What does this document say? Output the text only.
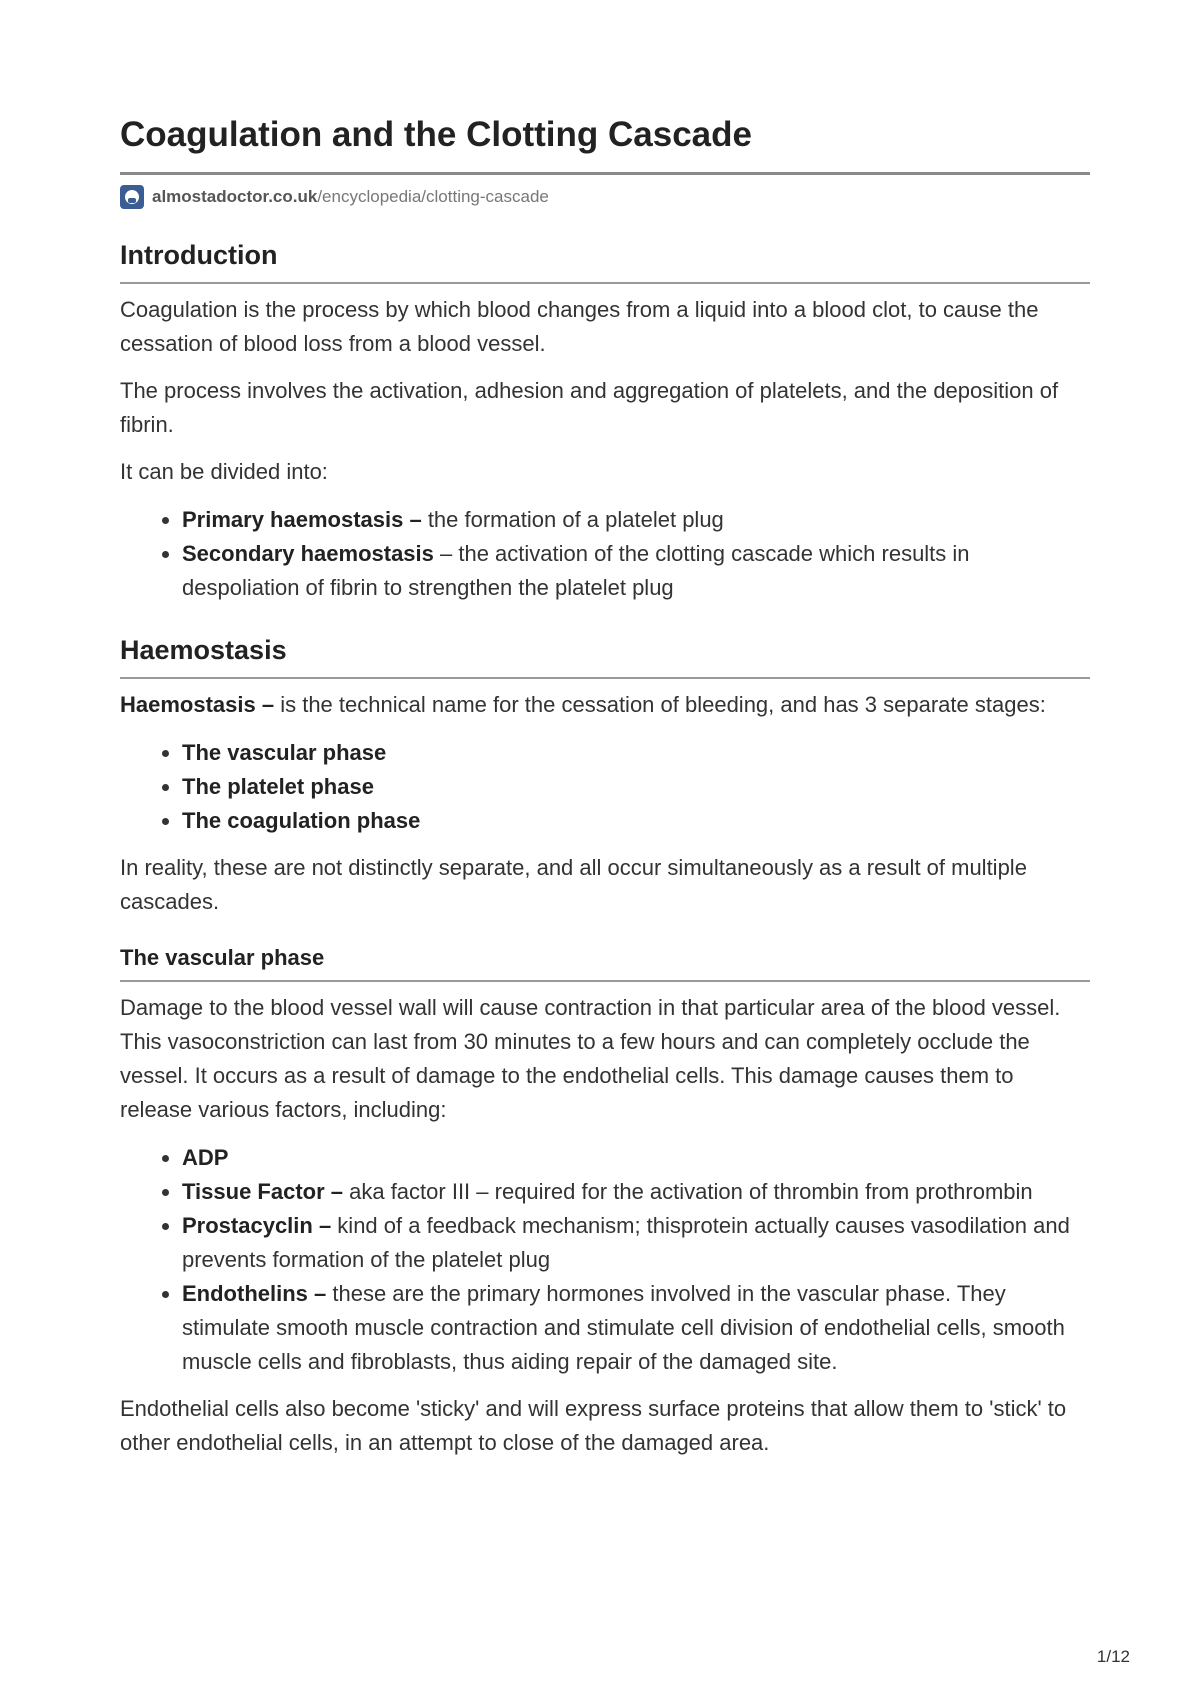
Coagulation and the Clotting Cascade
almostadoctor.co.uk /encyclopedia/clotting-cascade
Introduction

Coagulation is the process by which blood changes from a liquid into a blood clot, to cause the cessation of blood loss from a blood vessel.

The process involves the activation, adhesion and aggregation of platelets, and the deposition of fibrin.

It can be divided into:

• Primary haemostasis – the formation of a platelet plug
• Secondary haemostasis – the activation of the clotting cascade which results in despoliation of fibrin to strengthen the platelet plug
Haemostasis

Haemostasis – is the technical name for the cessation of bleeding, and has 3 separate stages:

• The vascular phase
• The platelet phase
• The coagulation phase

In reality, these are not distinctly separate, and all occur simultaneously as a result of multiple cascades.

The vascular phase

Damage to the blood vessel wall will cause contraction in that particular area of the blood vessel. This vasoconstriction can last from 30 minutes to a few hours and can completely occlude the vessel. It occurs as a result of damage to the endothelial cells. This damage causes them to release various factors, including:

• ADP
• Tissue Factor – aka factor III – required for the activation of thrombin from prothrombin
• Prostacyclin – kind of a feedback mechanism; thisprotein actually causes vasodilation and prevents formation of the platelet plug
• Endothelins – these are the primary hormones involved in the vascular phase. They stimulate smooth muscle contraction and stimulate cell division of endothelial cells, smooth muscle cells and fibroblasts, thus aiding repair of the damaged site.

Endothelial cells also become 'sticky' and will express surface proteins that allow them to 'stick' to other endothelial cells, in an attempt to close of the damaged area.

1/12
